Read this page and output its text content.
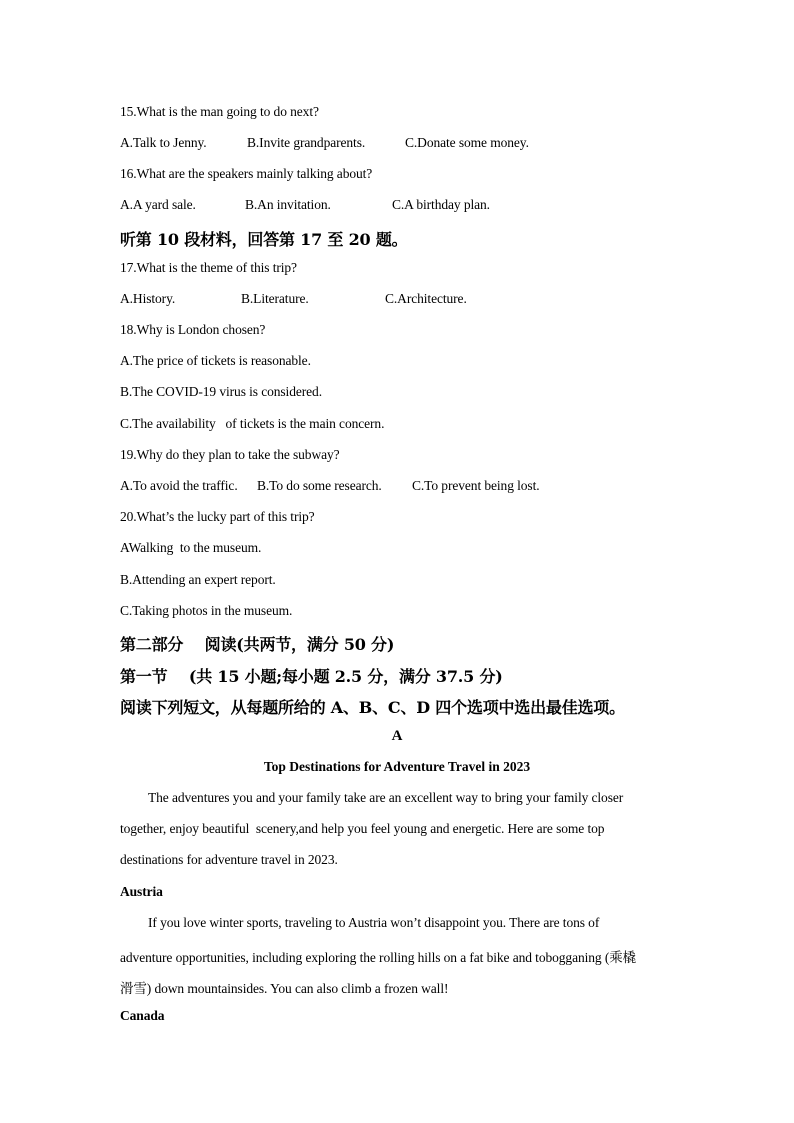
15.What is the man going to do next?
A.Talk to Jenny.	B.Invite grandparents.	C.Donate some money.
16.What are the speakers mainly talking about?
A.A yard sale.	B.An invitation.	C.A birthday plan.
听第 10 段材料，回答第 17 至 20 题。
17.What is the theme of this trip?
A.History.	B.Literature.	C.Architecture.
18.Why is London chosen?
A.The price of tickets is reasonable.
B.The COVID-19 virus is considered.
C.The availability   of tickets is the main concern.
19.Why do they plan to take the subway?
A.To avoid the traffic. B.To do some research. C.To prevent being lost.
20.What’s the lucky part of this trip?
AWalking  to the museum.
B.Attending an expert report.
C.Taking photos in the museum.
第二部分    阅读(共两节，满分 50 分)
第一节    (共 15 小题;每小题 2.5 分，满分 37.5 分)
阅读下列短文，从每题所给的 A、B、C、D 四个选项中选出最佳选项。
A
Top Destinations for Adventure Travel in 2023
The adventures you and your family take are an excellent way to bring your family closer
together, enjoy beautiful  scenery,and help you feel young and energetic. Here are some top
destinations for adventure travel in 2023.
Austria
If you love winter sports, traveling to Austria won’t disappoint you. There are tons of
adventure opportunities, including exploring the rolling hills on a fat bike and tobogganing (乘橇
滑雪) down mountainsides. You can also climb a frozen wall!
Canada
